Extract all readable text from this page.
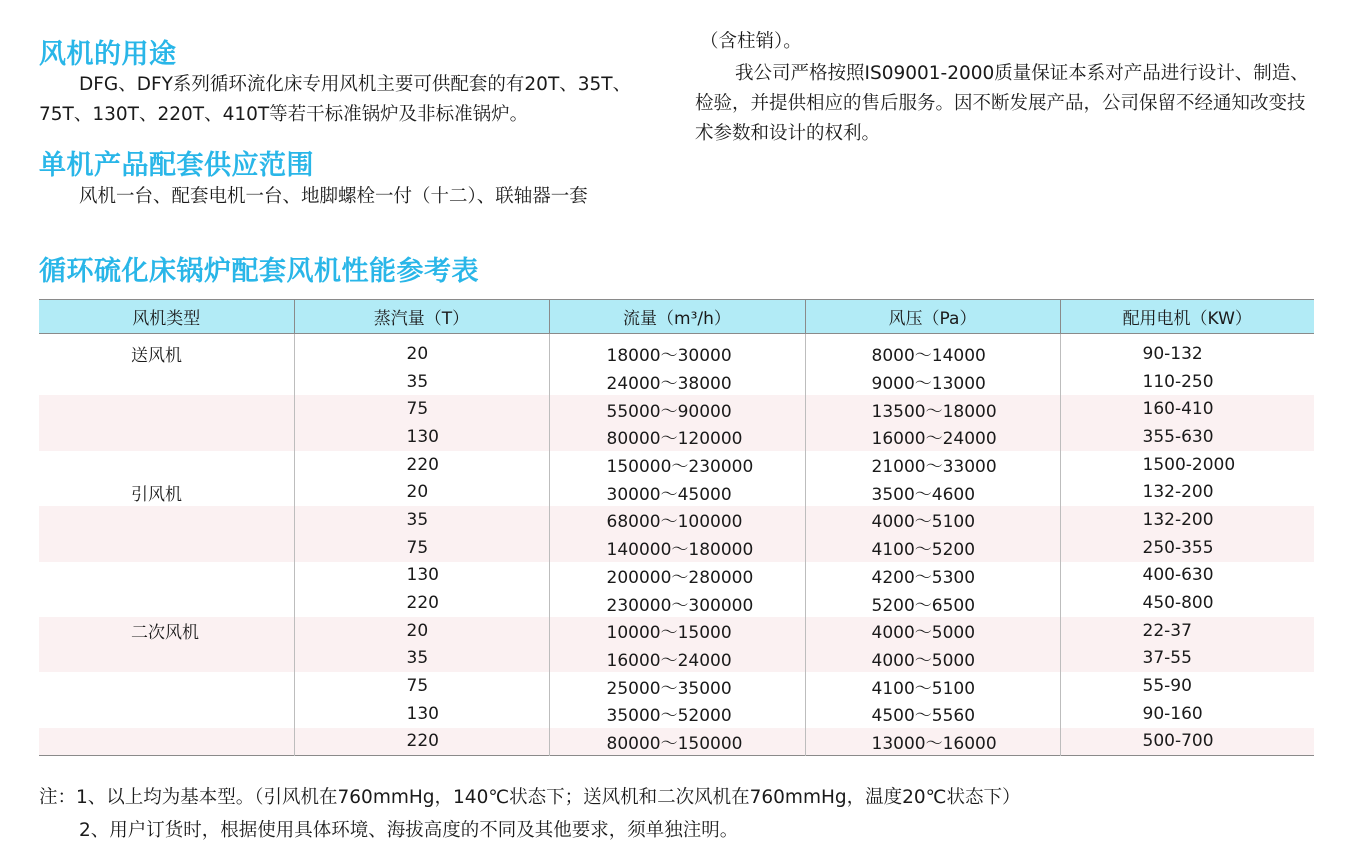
风机的用途

DFG、DFY系列循环流化床专用风机主要可供配套的有20T、35T、75T、130T、220T、410T等若干标准锅炉及非标准锅炉。

单机产品配套供应范围

风机一台、配套电机一台、地脚螺栓一付（十二）、联轴器一套

（含柱销）。

我公司严格按照IS09001-2000质量保证本系对产品进行设计、制造、检验，并提供相应的售后服务。因不断发展产品，公司保留不经通知改变技术参数和设计的权利。

循环硫化床锅炉配套风机性能参考表
风机类型	蒸汽量（T）	流量（m³/h）	风压（Pa）	配用电机（KW）
送风机	20	18000～30000	8000～14000	90-132
	35	24000～38000	9000～13000	110-250
	75	55000～90000	13500～18000	160-410
	130	80000～120000	16000～24000	355-630
	220	150000～230000	21000～33000	1500-2000
引风机	20	30000～45000	3500～4600	132-200
	35	68000～100000	4000～5100	132-200
	75	140000～180000	4100～5200	250-355
	130	200000～280000	4200～5300	400-630
	220	230000～300000	5200～6500	450-800
二次风机	20	10000～15000	4000～5000	22-37
	35	16000～24000	4000～5000	37-55
	75	25000～35000	4100～5100	55-90
	130	35000～52000	4500～5560	90-160
	220	80000～150000	13000～16000	500-700

注：1、以上均为基本型。（引风机在760mmHg，140℃状态下；送风机和二次风机在760mmHg，温度20℃状态下）

2、用户订货时，根据使用具体环境、海拔高度的不同及其他要求，须单独注明。
